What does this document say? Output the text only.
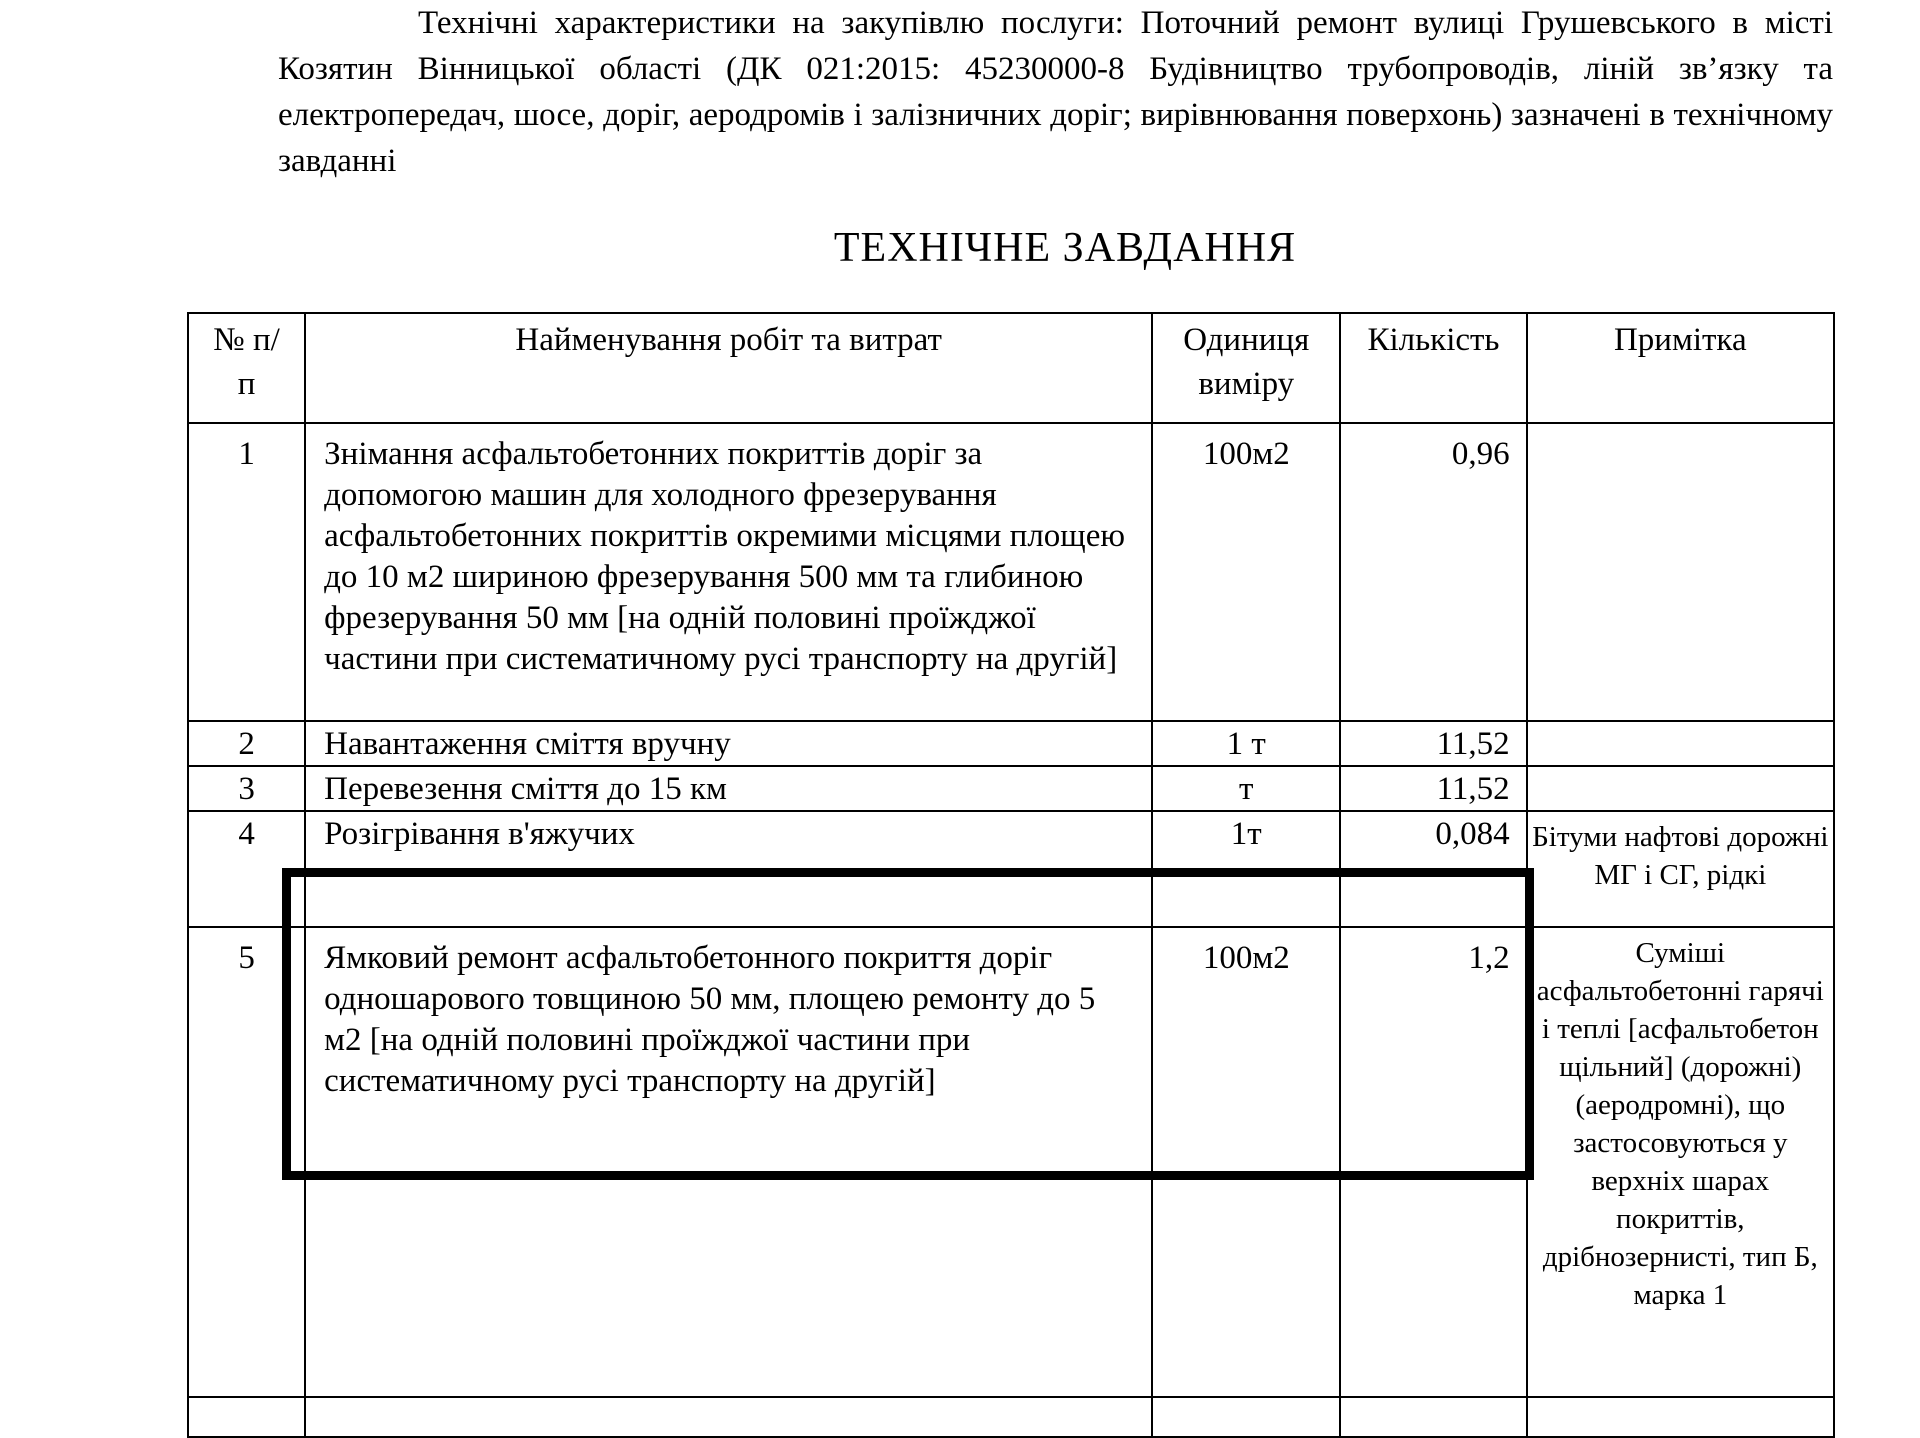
Технічні характеристики на закупівлю послуги: Поточний ремонт вулиці Грушевського в місті Козятин Вінницької області (ДК 021:2015: 45230000-8 Будівництво трубопроводів, ліній зв’язку та електропередач, шосе, доріг, аеродромів і залізничних доріг; вирівнювання поверхонь) зазначені в технічному завданні

ТЕХНІЧНЕ ЗАВДАННЯ
№ п/п	Найменування робіт та витрат	Одиниця виміру	Кількість	Примітка
1	Знімання асфальтобетонних покриттів доріг за допомогою машин для холодного фрезерування асфальтобетонних покриттів окремими місцями площею до 10 м2 шириною фрезерування 500 мм та глибиною фрезерування 50 мм [на одній половині проїжджої частини при систематичному русі транспорту на другій]	100м2	0,96	
2	Навантаження сміття вручну	1 т	11,52	
3	Перевезення сміття до 15 км	т	11,52	
4	Розігрівання в'яжучих	1т	0,084	Бітуми нафтові дорожні МГ і СГ, рідкі
5	Ямковий ремонт асфальтобетонного покриття доріг одношарового товщиною 50 мм, площею ремонту до 5 м2 [на одній половині проїжджої частини при систематичному русі транспорту на другій]	100м2	1,2	Суміші асфальтобетонні гарячі і теплі [асфальтобетон щільний] (дорожні)(аеродромні), що застосовуються у верхніх шарах покриттів, дрібнозернисті, тип Б, марка 1
